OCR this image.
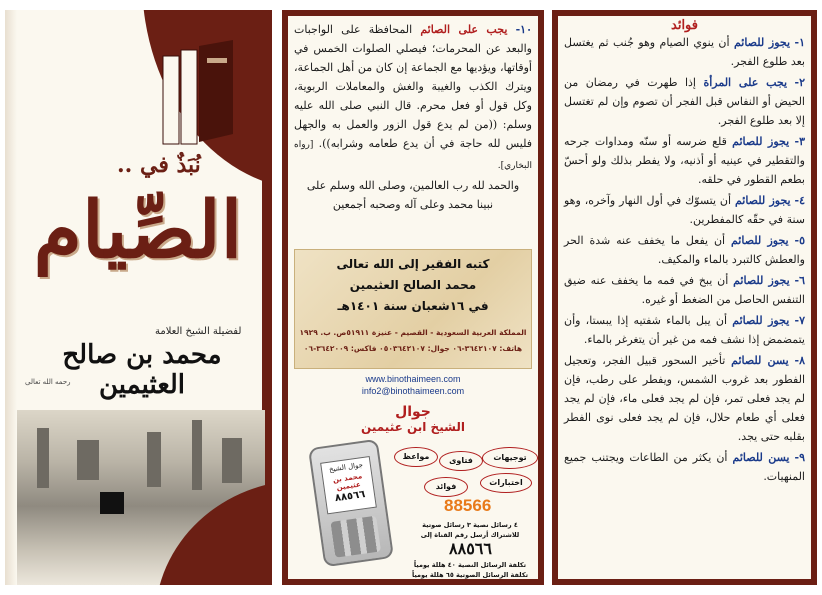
نُبَذٌ في ..
الصِّيام
لفضيلة الشيخ العلامة
محمد بن صالح العثيمين
رحمه الله تعالى
١٠- يجب على الصائم المحافظة على الواجبات والبعد عن المحرمات؛ فيصلي الصلوات الخمس في أوقاتها، ويؤديها مع الجماعة إن كان من أهل الجماعة، ويترك الكذب والغيبة والغش والمعاملات الربوية، وكل قول أو فعل محرم. قال النبي صلى الله عليه وسلم: ((من لم يدع قول الزور والعمل به والجهل فليس لله حاجة في أن يدع طعامه وشرابه)). [رواه البخاري].
والحمد لله رب العالمين، وصلى الله وسلم على
نبينا محمد وعلى آله وصحبه أجمعين
كتبه الفقير إلى الله تعالى
محمد الصالح العثيمين
في ١٦شعبان سنة ١٤٠١هـ
المملكة العربية السعودية - القصيم - عنيزة ٥١٩١١ص. ب. ١٩٢٩
هاتف: ٣٦٤٢١٠٧-٠٦ جوال: ٠٥٠٣٦٤٢١٠٧ فاكس: ٣٦٤٢٠٠٩-٠٦
www.binothaimeen.com
info2@binothaimeen.com
جوال
الشيخ ابن عثيمين
جوال الشيخ
محمد بن عثيمين
٨٨٥٦٦
توجيهات
فتاوى
مواعظ
اختبارات
فوائد
88566
٤ رسائل نصية ٣ رسائل صوتية
للاشتراك أرسل رقم القناة إلى
٨٨٥٦٦
تكلفة الرسائل النصية ٤٠ هللة يومياً
تكلفة الرسائل الصوتية ٦٥ هللة يومياً
فوائد
١- يجوز للصائم أن ينوي الصيام وهو جُنب ثم يغتسل بعد طلوع الفجر.
٢- يجب على المرأة إذا طهرت في رمضان من الحيض أو النفاس قبل الفجر أن تصوم وإن لم تغتسل إلا بعد طلوع الفجر.
٣- يجوز للصائم قلع ضرسه أو سنّه ومداوات جرحه والتقطير في عينيه أو أذنيه، ولا يفطر بذلك ولو أحسّ بطعم القطور في حلقه.
٤- يجوز للصائم أن يتسوّك في أول النهار وآخره، وهو سنة في حقّه كالمفطرين.
٥- يجوز للصائم أن يفعل ما يخفف عنه شدة الحر والعطش كالتبرد بالماء والمكيف.
٦- يجوز للصائم أن يبخ في فمه ما يخفف عنه ضيق التنفس الحاصل من الضغط أو غيره.
٧- يجوز للصائم أن يبل بالماء شفتيه إذا يبستا، وأن يتمضمض إذا نشف فمه من غير أن يتغرغر بالماء.
٨- يسن للصائم تأخير السحور قبيل الفجر، وتعجيل الفطور بعد غروب الشمس، ويفطر على رطب، فإن لم يجد فعلى تمر، فإن لم يجد فعلى ماء، فإن لم يجد فعلى أي طعام حلال، فإن لم يجد فعلى نوى الفطر بقلبه حتى يجد.
٩- يسن للصائم أن يكثر من الطاعات ويجتنب جميع المنهيات.
